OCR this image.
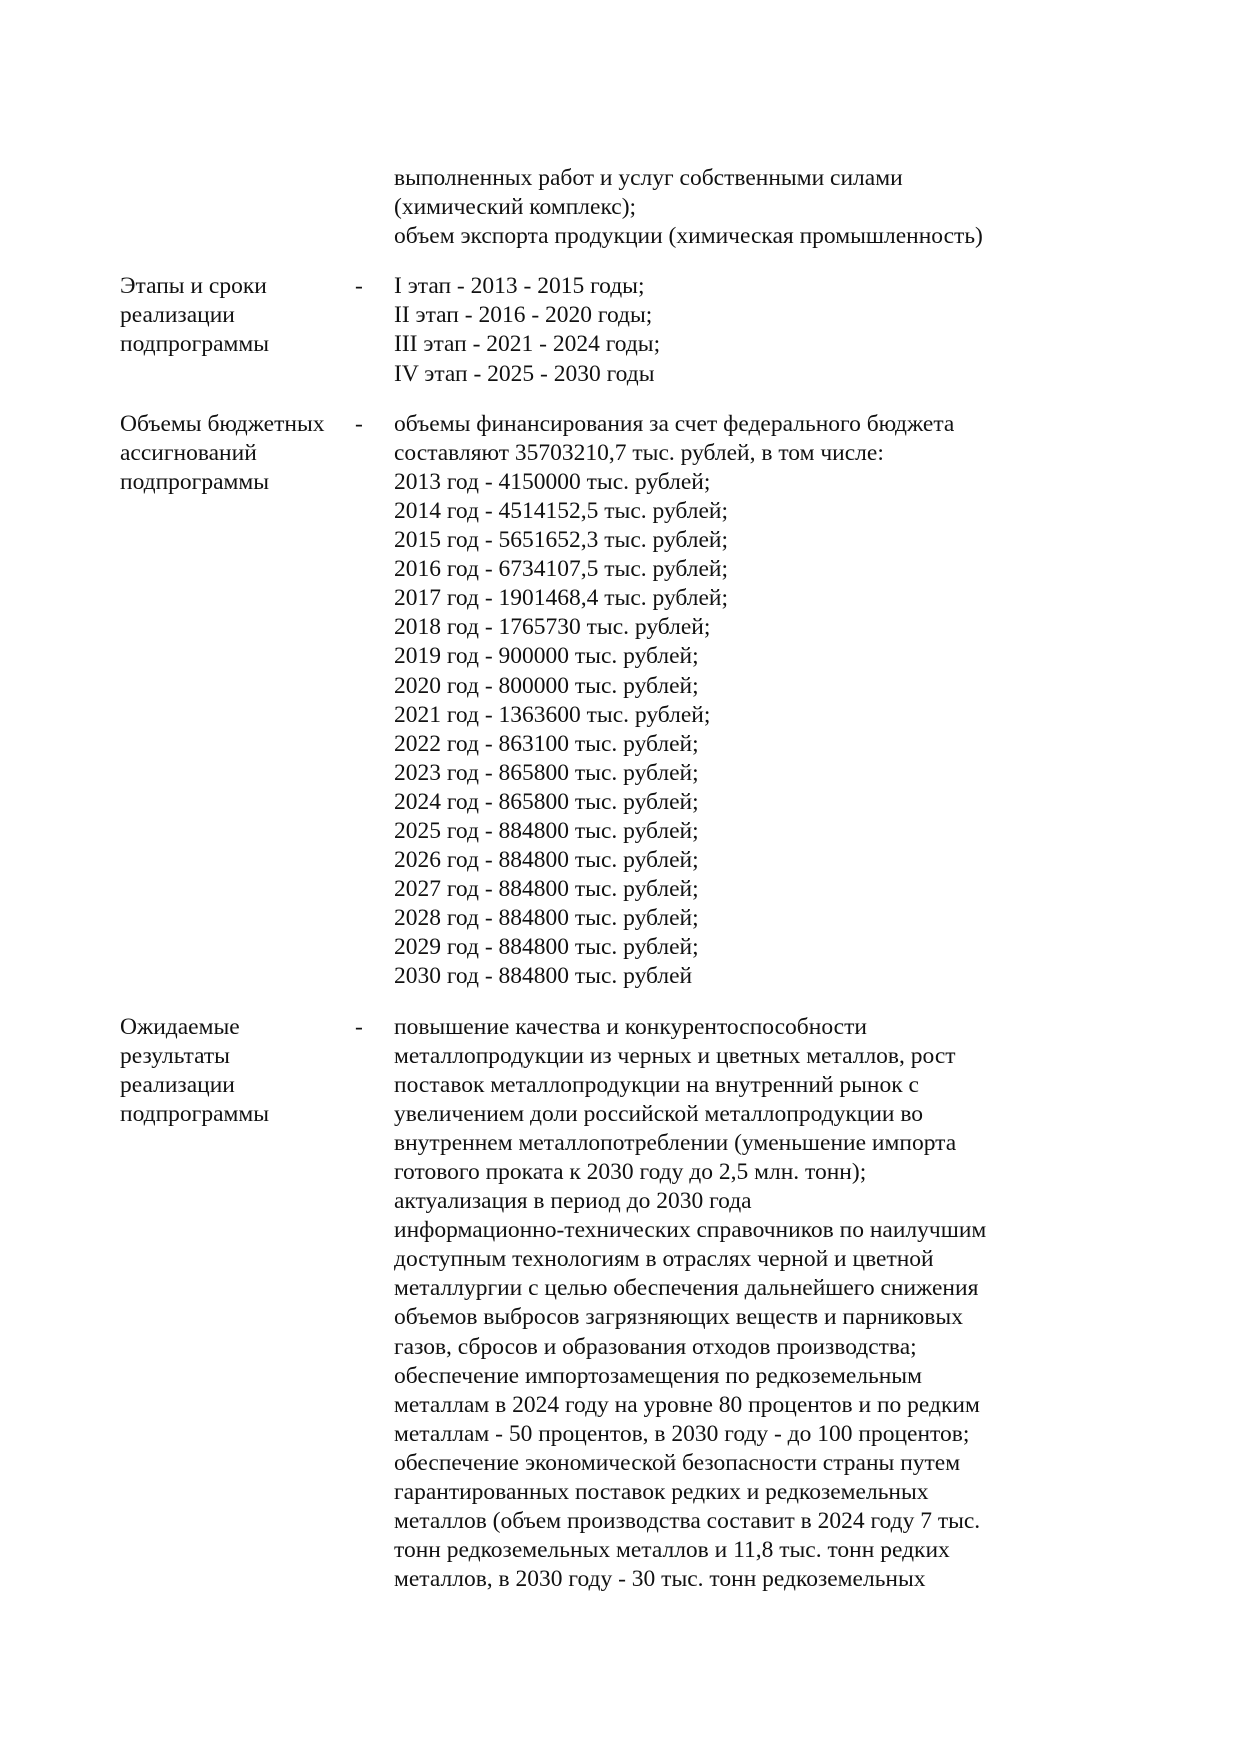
выполненных работ и услуг собственными силами
(химический комплекс);
объем экспорта продукции (химическая промышленность)
Этапы и сроки
реализации
подпрограммы
- I этап - 2013 - 2015 годы;
II этап - 2016 - 2020 годы;
III этап - 2021 - 2024 годы;
IV этап - 2025 - 2030 годы
Объемы бюджетных
ассигнований
подпрограммы
- объемы финансирования за счет федерального бюджета
составляют 35703210,7 тыс. рублей, в том числе:
2013 год - 4150000 тыс. рублей;
2014 год - 4514152,5 тыс. рублей;
2015 год - 5651652,3 тыс. рублей;
2016 год - 6734107,5 тыс. рублей;
2017 год - 1901468,4 тыс. рублей;
2018 год - 1765730 тыс. рублей;
2019 год - 900000 тыс. рублей;
2020 год - 800000 тыс. рублей;
2021 год - 1363600 тыс. рублей;
2022 год - 863100 тыс. рублей;
2023 год - 865800 тыс. рублей;
2024 год - 865800 тыс. рублей;
2025 год - 884800 тыс. рублей;
2026 год - 884800 тыс. рублей;
2027 год - 884800 тыс. рублей;
2028 год - 884800 тыс. рублей;
2029 год - 884800 тыс. рублей;
2030 год - 884800 тыс. рублей
Ожидаемые
результаты
реализации
подпрограммы
- повышение качества и конкурентоспособности
металлопродукции из черных и цветных металлов, рост
поставок металлопродукции на внутренний рынок с
увеличением доли российской металлопродукции во
внутреннем металлопотреблении (уменьшение импорта
готового проката к 2030 году до 2,5 млн. тонн);
актуализация в период до 2030 года
информационно-технических справочников по наилучшим
доступным технологиям в отраслях черной и цветной
металлургии с целью обеспечения дальнейшего снижения
объемов выбросов загрязняющих веществ и парниковых
газов, сбросов и образования отходов производства;
обеспечение импортозамещения по редкоземельным
металлам в 2024 году на уровне 80 процентов и по редким
металлам - 50 процентов, в 2030 году - до 100 процентов;
обеспечение экономической безопасности страны путем
гарантированных поставок редких и редкоземельных
металлов (объем производства составит в 2024 году 7 тыс.
тонн редкоземельных металлов и 11,8 тыс. тонн редких
металлов, в 2030 году - 30 тыс. тонн редкоземельных
